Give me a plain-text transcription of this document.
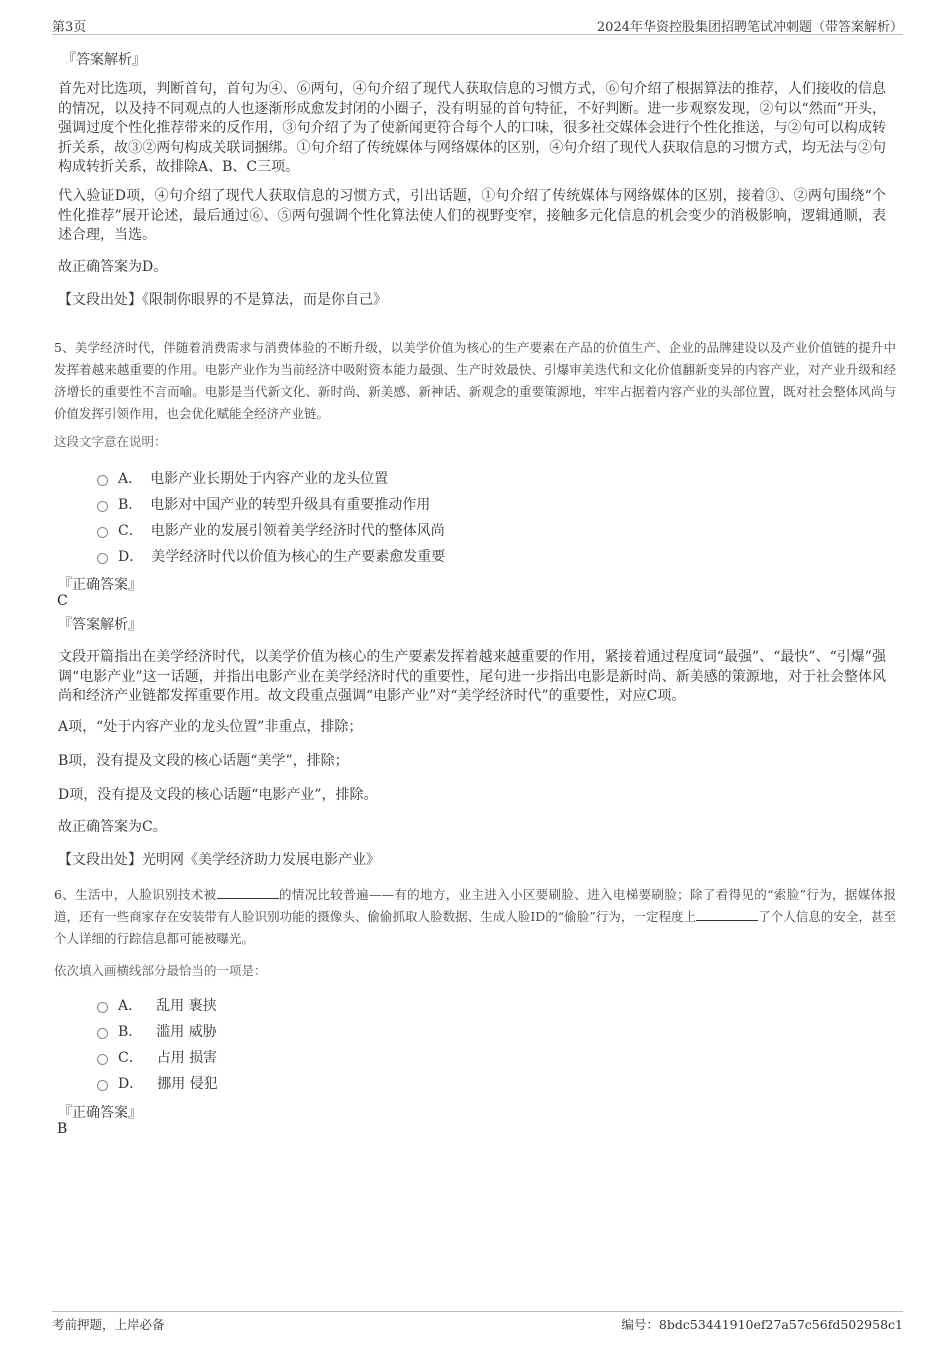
第3页	2024年华资控股集团招聘笔试冲刺题（带答案解析）
『答案解析』
首先对比选项，判断首句，首句为④、⑥两句，④句介绍了现代人获取信息的习惯方式，⑥句介绍了根据算法的推荐，人们接收的信息的情况，以及持不同观点的人也逐渐形成愈发封闭的小圈子，没有明显的首句特征，不好判断。进一步观察发现，②句以“然而”开头，强调过度个性化推荐带来的反作用，③句介绍了为了使新闻更符合每个人的口味，很多社交媒体会进行个性化推送，与②句可以构成转折关系，故③②两句构成关联词捆绑。①句介绍了传统媒体与网络媒体的区别，④句介绍了现代人获取信息的习惯方式，均无法与②句构成转折关系，故排除A、B、C三项。
代入验证D项，④句介绍了现代人获取信息的习惯方式，引出话题，①句介绍了传统媒体与网络媒体的区别，接着③、②两句围绕“个性化推荐”展开论述，最后通过⑥、⑤两句强调个性化算法使人们的视野变窄，接触多元化信息的机会变少的消极影响，逻辑通顺，表述合理，当选。
故正确答案为D。
【文段出处】《限制你眼界的不是算法，而是你自己》
5、美学经济时代，伴随着消费需求与消费体验的不断升级，以美学价值为核心的生产要素在产品的价值生产、企业的品牌建设以及产业价值链的提升中发挥着越来越重要的作用。电影产业作为当前经济中吸附资本能力最强、生产时效最快、引爆审美迭代和文化价值翻新变异的内容产业，对产业升级和经济增长的重要性不言而喻。电影是当代新文化、新时尚、新美感、新神话、新观念的重要策源地，牢牢占据着内容产业的头部位置，既对社会整体风尚与价值发挥引领作用，也会优化赋能全经济产业链。
这段文字意在说明：
A． 电影产业长期处于内容产业的龙头位置
B． 电影对中国产业的转型升级具有重要推动作用
C． 电影产业的发展引领着美学经济时代的整体风尚
D． 美学经济时代以价值为核心的生产要素愈发重要
『正确答案』
C
『答案解析』
文段开篇指出在美学经济时代，以美学价值为核心的生产要素发挥着越来越重要的作用，紧接着通过程度词“最强”、“最快”、“引爆”强调“电影产业”这一话题，并指出电影产业在美学经济时代的重要性，尾句进一步指出电影是新时尚、新美感的策源地，对于社会整体风尚和经济产业链都发挥重要作用。故文段重点强调“电影产业”对“美学经济时代”的重要性，对应C项。
A项，“处于内容产业的龙头位置”非重点，排除；
B项，没有提及文段的核心话题“美学”，排除；
D项，没有提及文段的核心话题“电影产业”，排除。
故正确答案为C。
【文段出处】光明网《美学经济助力发展电影产业》
6、生活中，人脸识别技术被	的情况比较普遍——有的地方，业主进入小区要刷脸、进入电梯要刷脸；除了看得见的“索脸”行为，据媒体报道，还有一些商家存在安装带有人脸识别功能的摄像头、偷偷抓取人脸数据、生成人脸ID的“偷脸”行为，一定程度上	了个人信息的安全，甚至个人详细的行踪信息都可能被曝光。
依次填入画横线部分最恰当的一项是：
A． 乱用 裹挟
B． 滥用 威胁
C． 占用 损害
D． 挪用 侵犯
『正确答案』
B
考前押题，上岸必备	编号：8bdc53441910ef27a57c56fd502958c1
